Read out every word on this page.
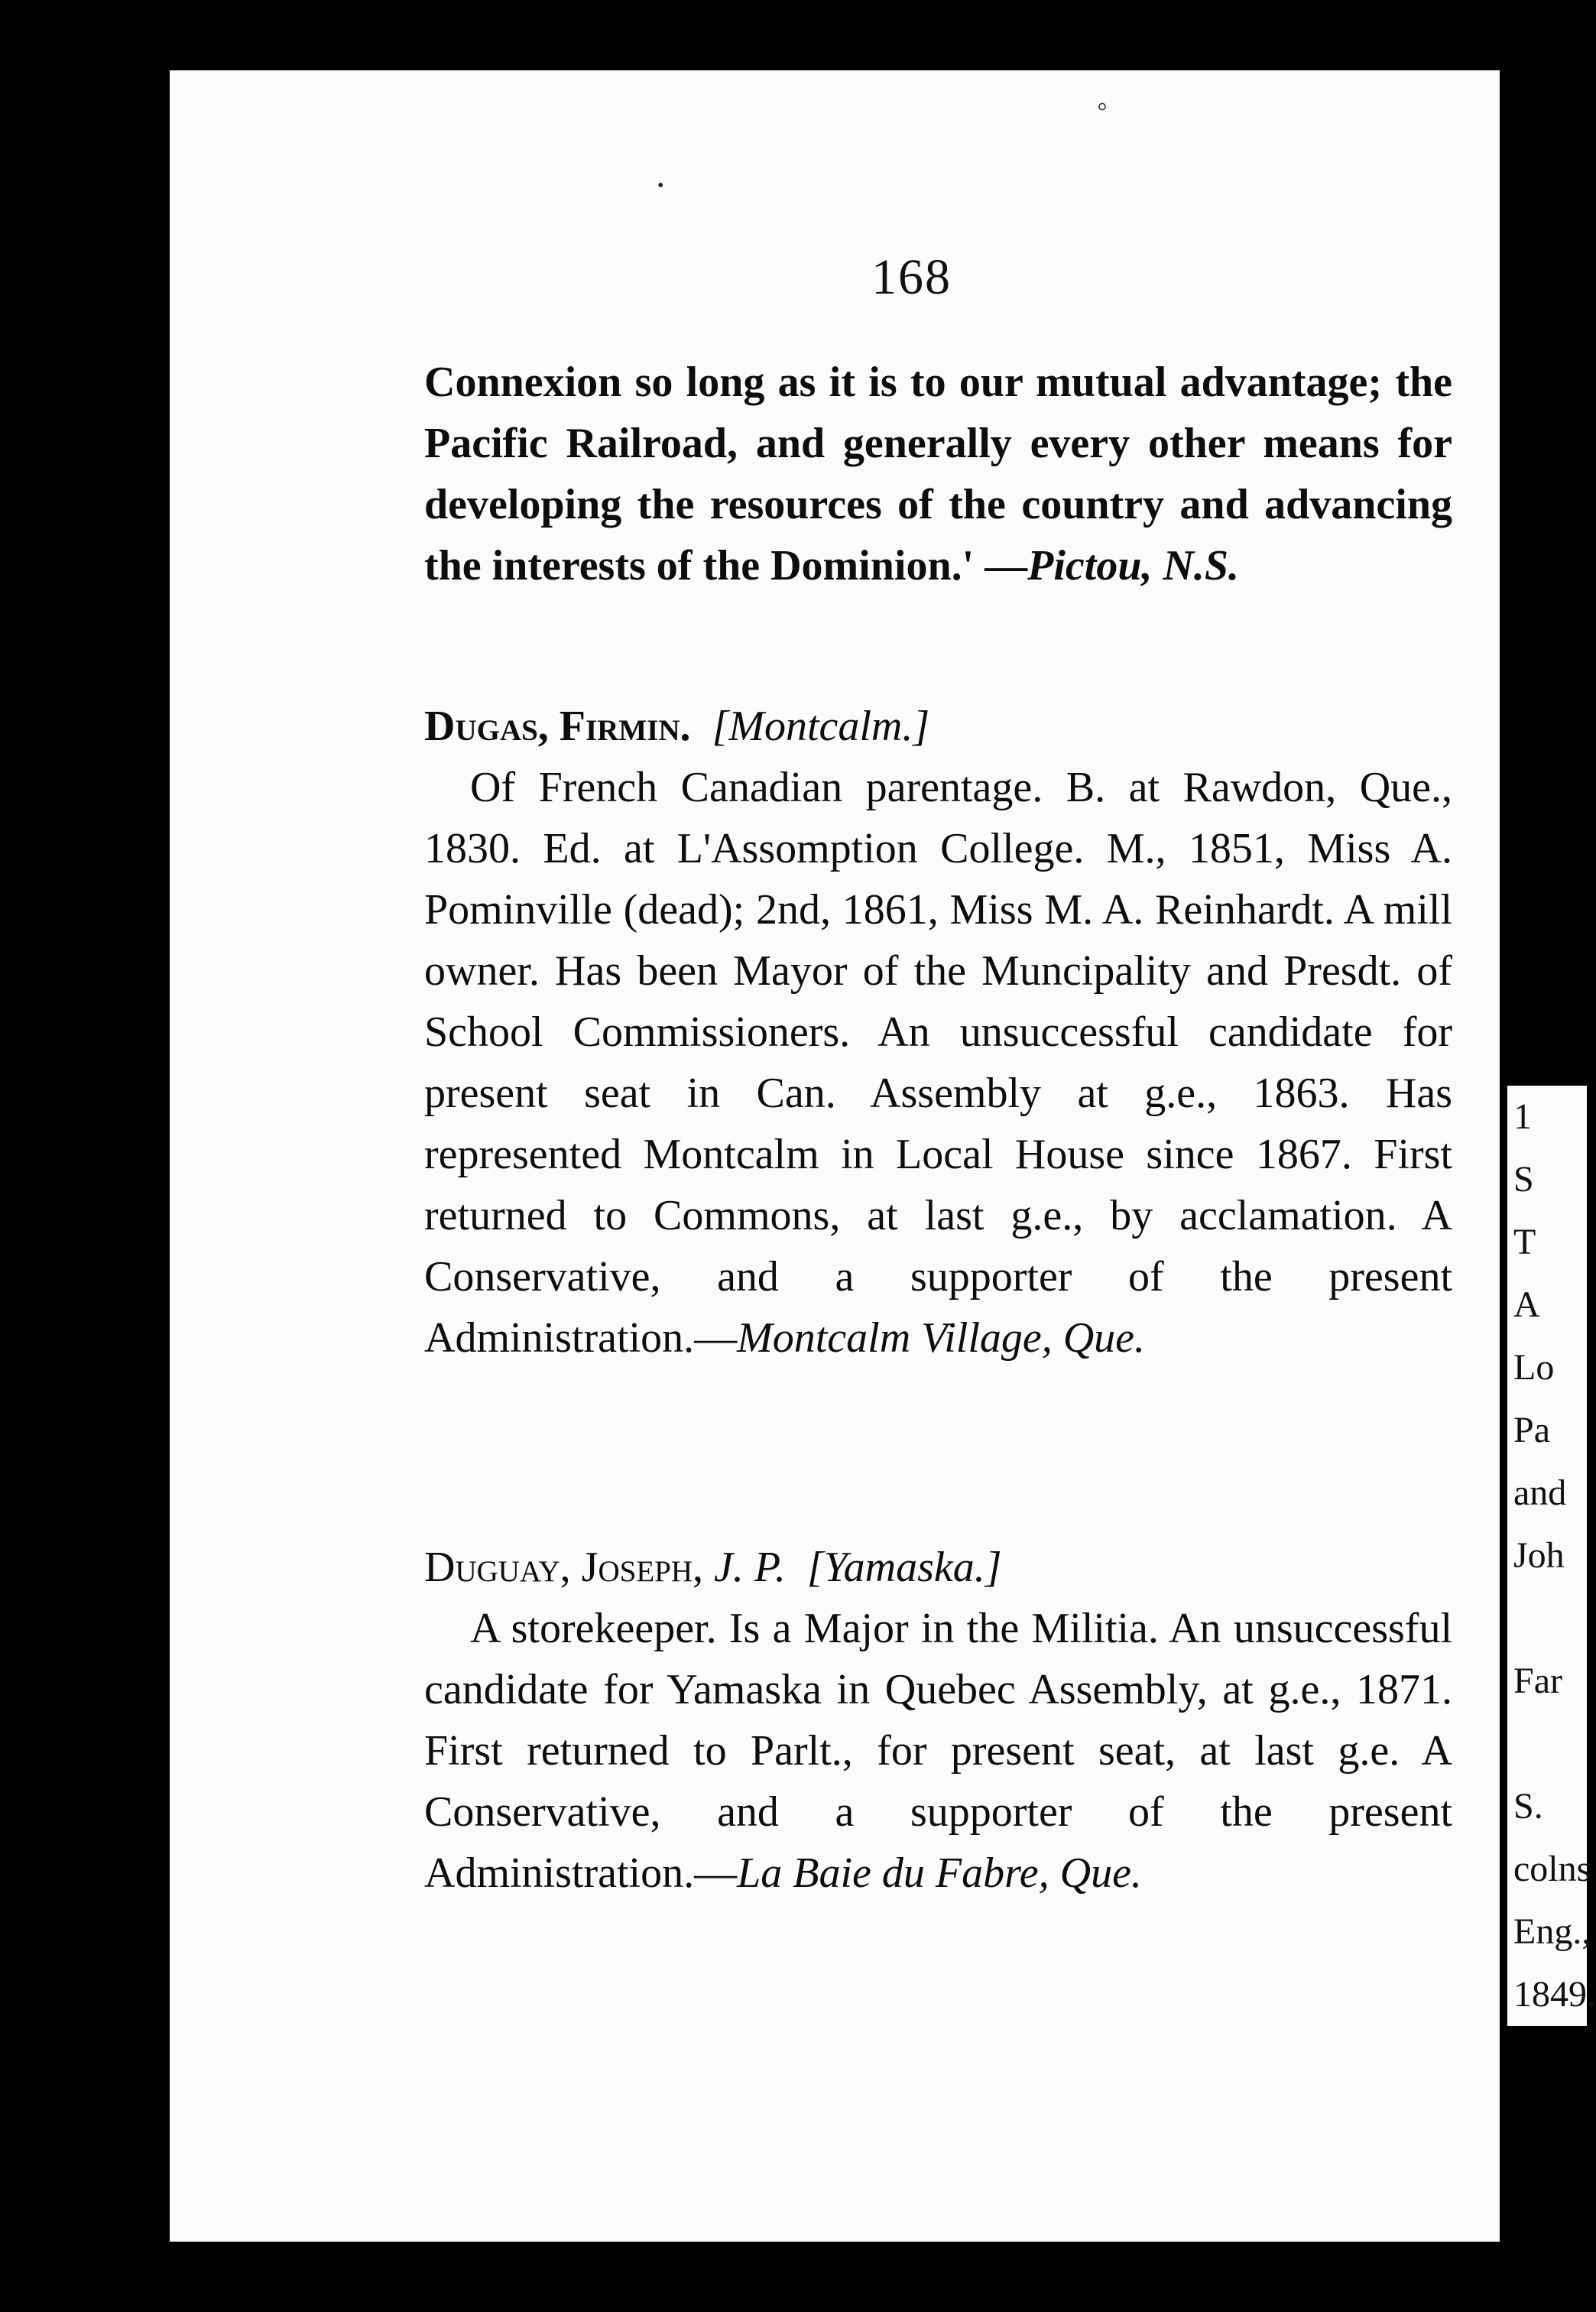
168

Connexion so long as it is to our mutual advantage; the Pacific Railroad, and generally every other means for developing the resources of the country and advancing the interests of the Dominion.' —Pictou, N.S.

Dugas, Firmin. [Montcalm.]

Of French Canadian parentage. B. at Rawdon, Que., 1830. Ed. at L'Assomption College. M., 1851, Miss A. Pominville (dead); 2nd, 1861, Miss M. A. Reinhardt. A mill owner. Has been Mayor of the Muncipality and Presdt. of School Commissioners. An unsuccessful candidate for present seat in Can. Assembly at g.e., 1863. Has represented Montcalm in Local House since 1867. First returned to Commons, at last g.e., by acclamation. A Conservative, and a supporter of the present Administration.—Montcalm Village, Que.

Duguay, Joseph, J. P. [Yamaska.]

A storekeeper. Is a Major in the Militia. An unsuccessful candidate for Yamaska in Quebec Assembly, at g.e., 1871. First returned to Parlt., for present seat, at last g.e. A Conservative, and a supporter of the present Administration.—La Baie du Fabre, Que.

1
S
T
A
Lo
Pa
and
Joh
Far
S.
colns
Eng.,
1849.
◦
•
